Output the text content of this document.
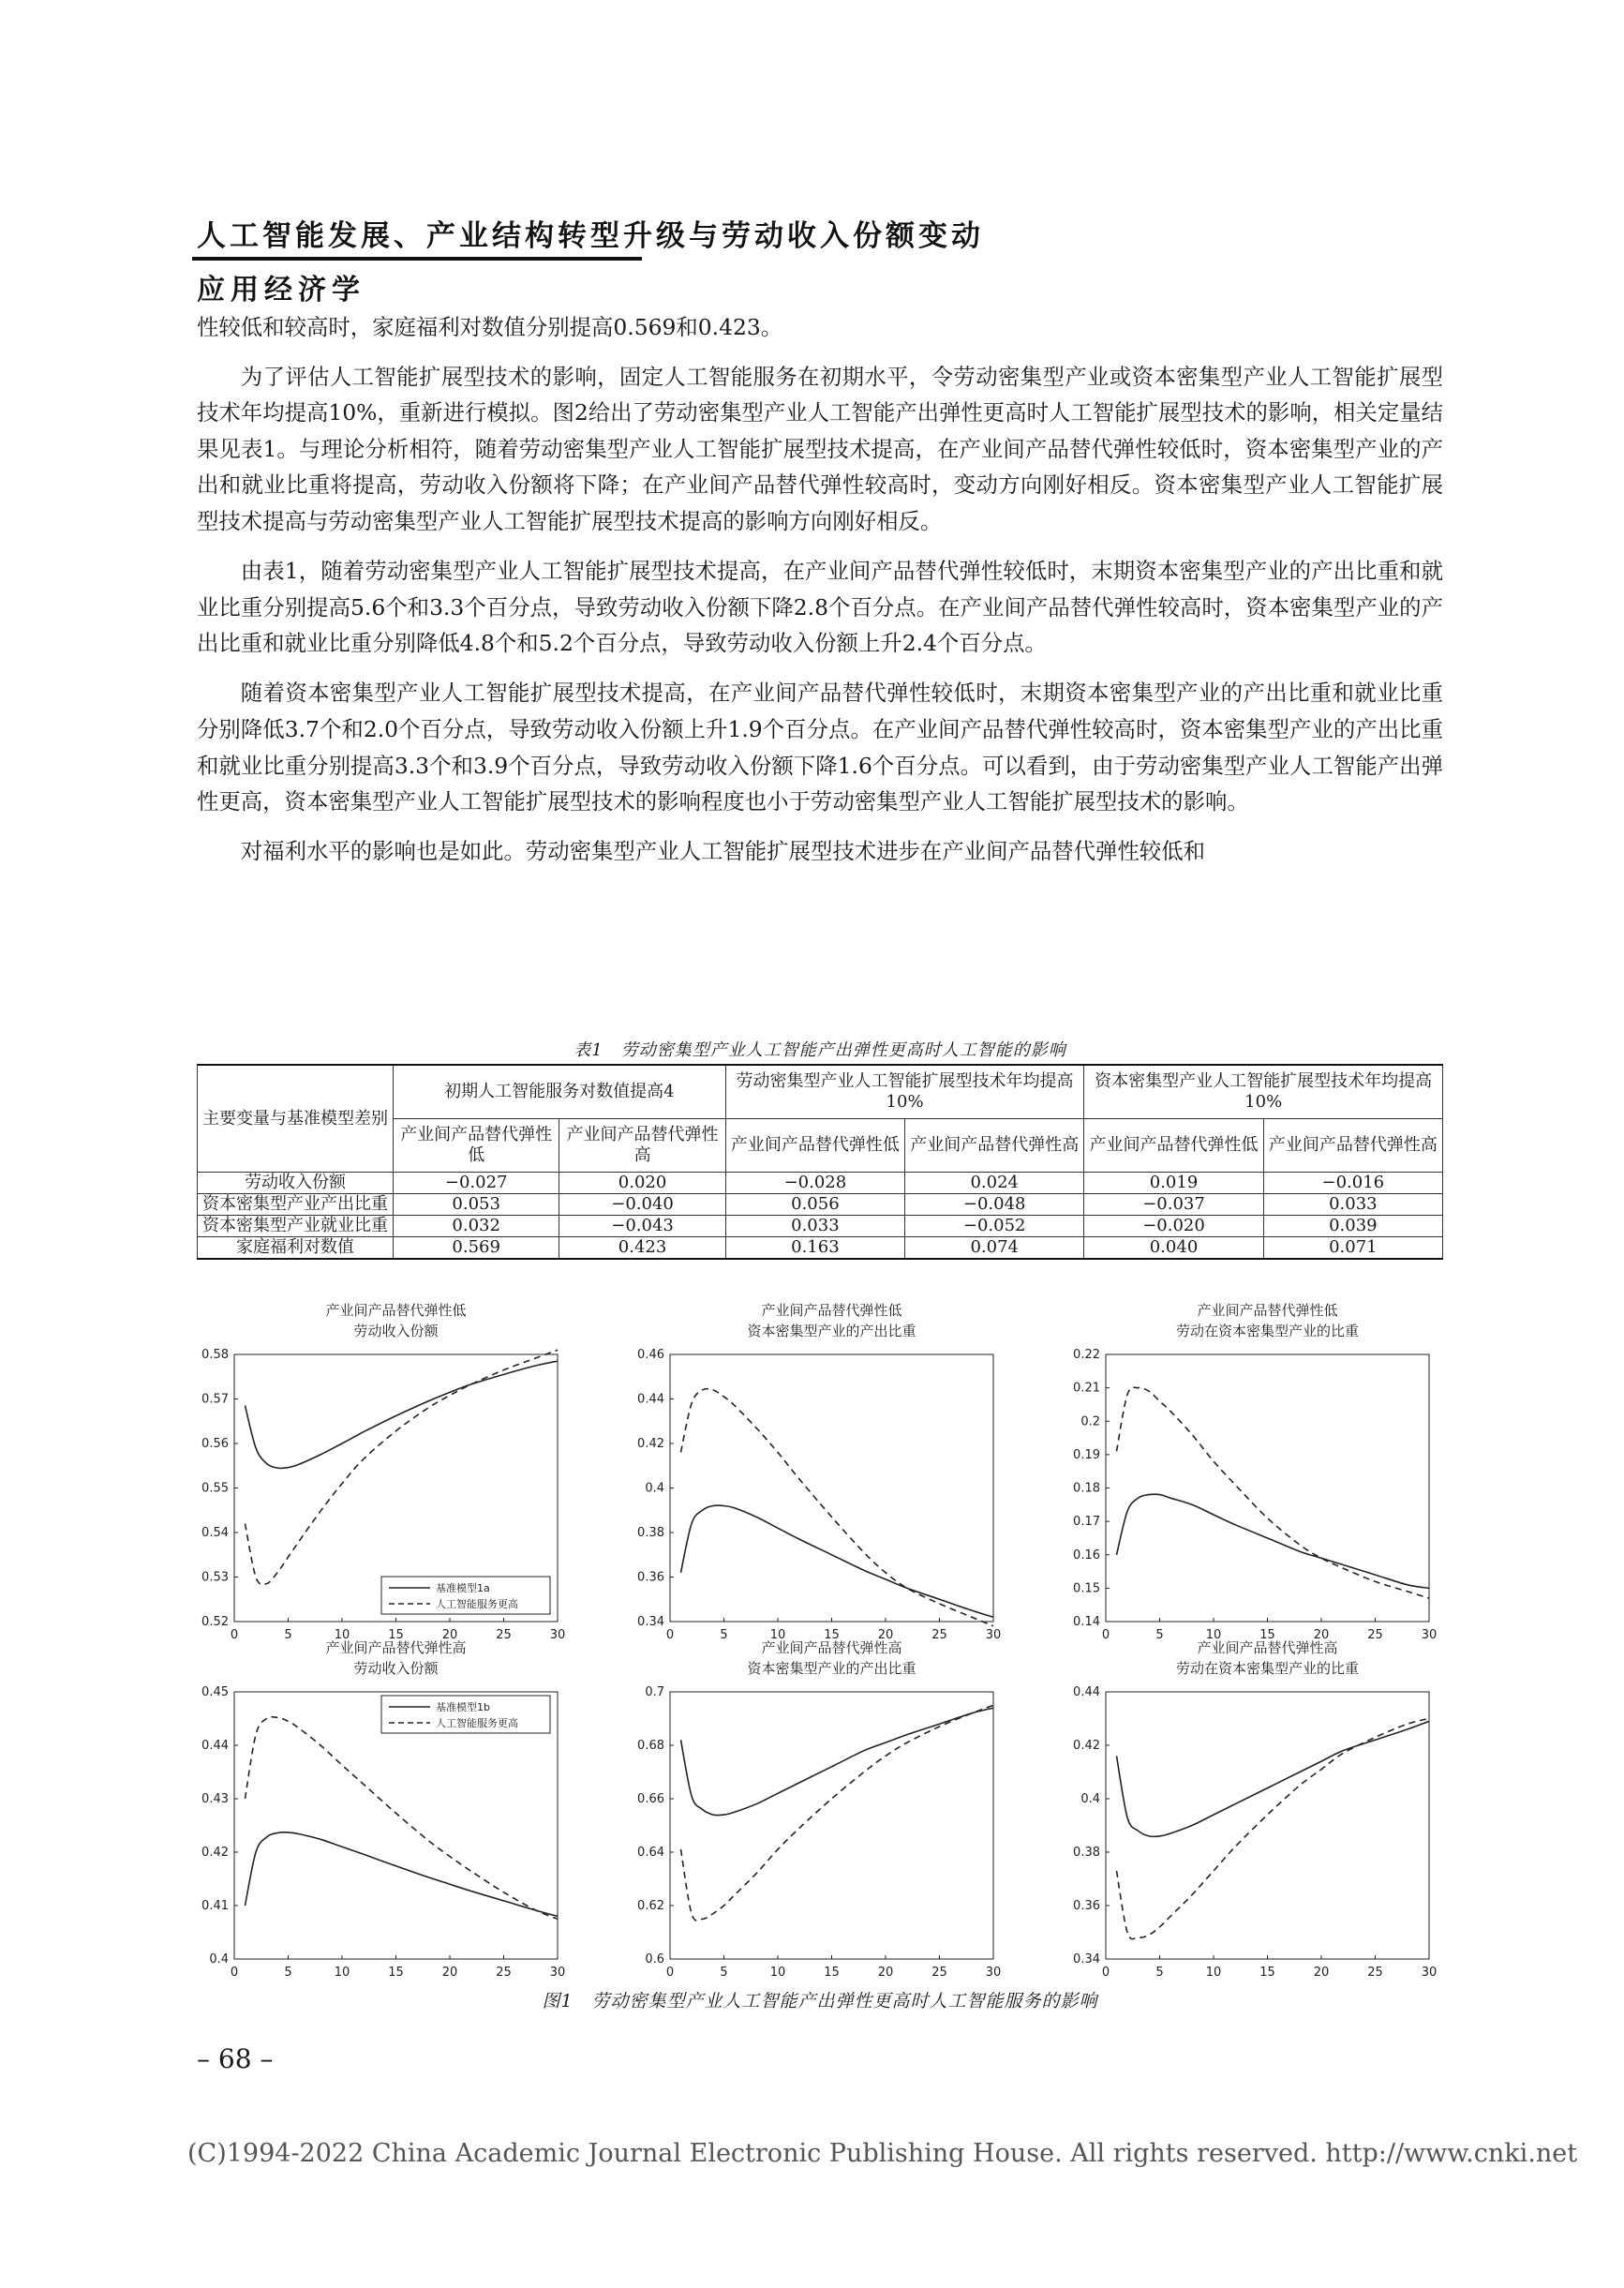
人工智能发展、产业结构转型升级与劳动收入份额变动
应用经济学

性较低和较高时，家庭福利对数值分别提高0.569和0.423。

为了评估人工智能扩展型技术的影响，固定人工智能服务在初期水平，令劳动密集型产业或资本密集型产业人工智能扩展型技术年均提高10%，重新进行模拟。图2给出了劳动密集型产业人工智能产出弹性更高时人工智能扩展型技术的影响，相关定量结果见表1。与理论分析相符，随着劳动密集型产业人工智能扩展型技术提高，在产业间产品替代弹性较低时，资本密集型产业的产出和就业比重将提高，劳动收入份额将下降；在产业间产品替代弹性较高时，变动方向刚好相反。资本密集型产业人工智能扩展型技术提高与劳动密集型产业人工智能扩展型技术提高的影响方向刚好相反。

由表1，随着劳动密集型产业人工智能扩展型技术提高，在产业间产品替代弹性较低时，末期资本密集型产业的产出比重和就业比重分别提高5.6个和3.3个百分点，导致劳动收入份额下降2.8个百分点。在产业间产品替代弹性较高时，资本密集型产业的产出比重和就业比重分别降低4.8个和5.2个百分点，导致劳动收入份额上升2.4个百分点。

随着资本密集型产业人工智能扩展型技术提高，在产业间产品替代弹性较低时，末期资本密集型产业的产出比重和就业比重分别降低3.7个和2.0个百分点，导致劳动收入份额上升1.9个百分点。在产业间产品替代弹性较高时，资本密集型产业的产出比重和就业比重分别提高3.3个和3.9个百分点，导致劳动收入份额下降1.6个百分点。可以看到，由于劳动密集型产业人工智能产出弹性更高，资本密集型产业人工智能扩展型技术的影响程度也小于劳动密集型产业人工智能扩展型技术的影响。

对福利水平的影响也是如此。劳动密集型产业人工智能扩展型技术进步在产业间产品替代弹性较低和

表1　劳动密集型产业人工智能产出弹性更高时人工智能的影响
主要变量与基准模型差别	初期人工智能服务对数值提高4		劳动密集型产业人工智能扩展型技术年均提高10%		资本密集型产业人工智能扩展型技术年均提高10%	
	产业间产品替代弹性低	产业间产品替代弹性高	产业间产品替代弹性低	产业间产品替代弹性高	产业间产品替代弹性低	产业间产品替代弹性高
劳动收入份额	−0.027	0.020	−0.028	0.024	0.019	−0.016
资本密集型产业产出比重	0.053	−0.040	0.056	−0.048	−0.037	0.033
资本密集型产业就业比重	0.032	−0.043	0.033	−0.052	−0.020	0.039
家庭福利对数值	0.569	0.423	0.163	0.074	0.040	0.071
产业间产品替代弹性低
劳动收入份额
0	5	10	15	20	25	30
0.52
0.53
0.54
0.55
0.56
0.57
0.58
基准模型1a
人工智能服务更高
产业间产品替代弹性低
资本密集型产业的产出比重
0	5	10	15	20	25	30
0.34
0.36
0.38
0.4
0.42
0.44
0.46
产业间产品替代弹性低
劳动在资本密集型产业的比重
0	5	10	15	20	25	30
0.14
0.15
0.16
0.17
0.18
0.19
0.2
0.21
0.22
产业间产品替代弹性高
劳动收入份额
0	5	10	15	20	25	30
0.4
0.41
0.42
0.43
0.44
0.45
基准模型1b
人工智能服务更高
产业间产品替代弹性高
资本密集型产业的产出比重
0	5	10	15	20	25	30
0.6
0.62
0.64
0.66
0.68
0.7
产业间产品替代弹性高
劳动在资本密集型产业的比重
0	5	10	15	20	25	30
0.34
0.36
0.38
0.4
0.42
0.44
图1　劳动密集型产业人工智能产出弹性更高时人工智能服务的影响
– 68 –
(C)1994-2022 China Academic Journal Electronic Publishing House. All rights reserved. http://www.cnki.net
